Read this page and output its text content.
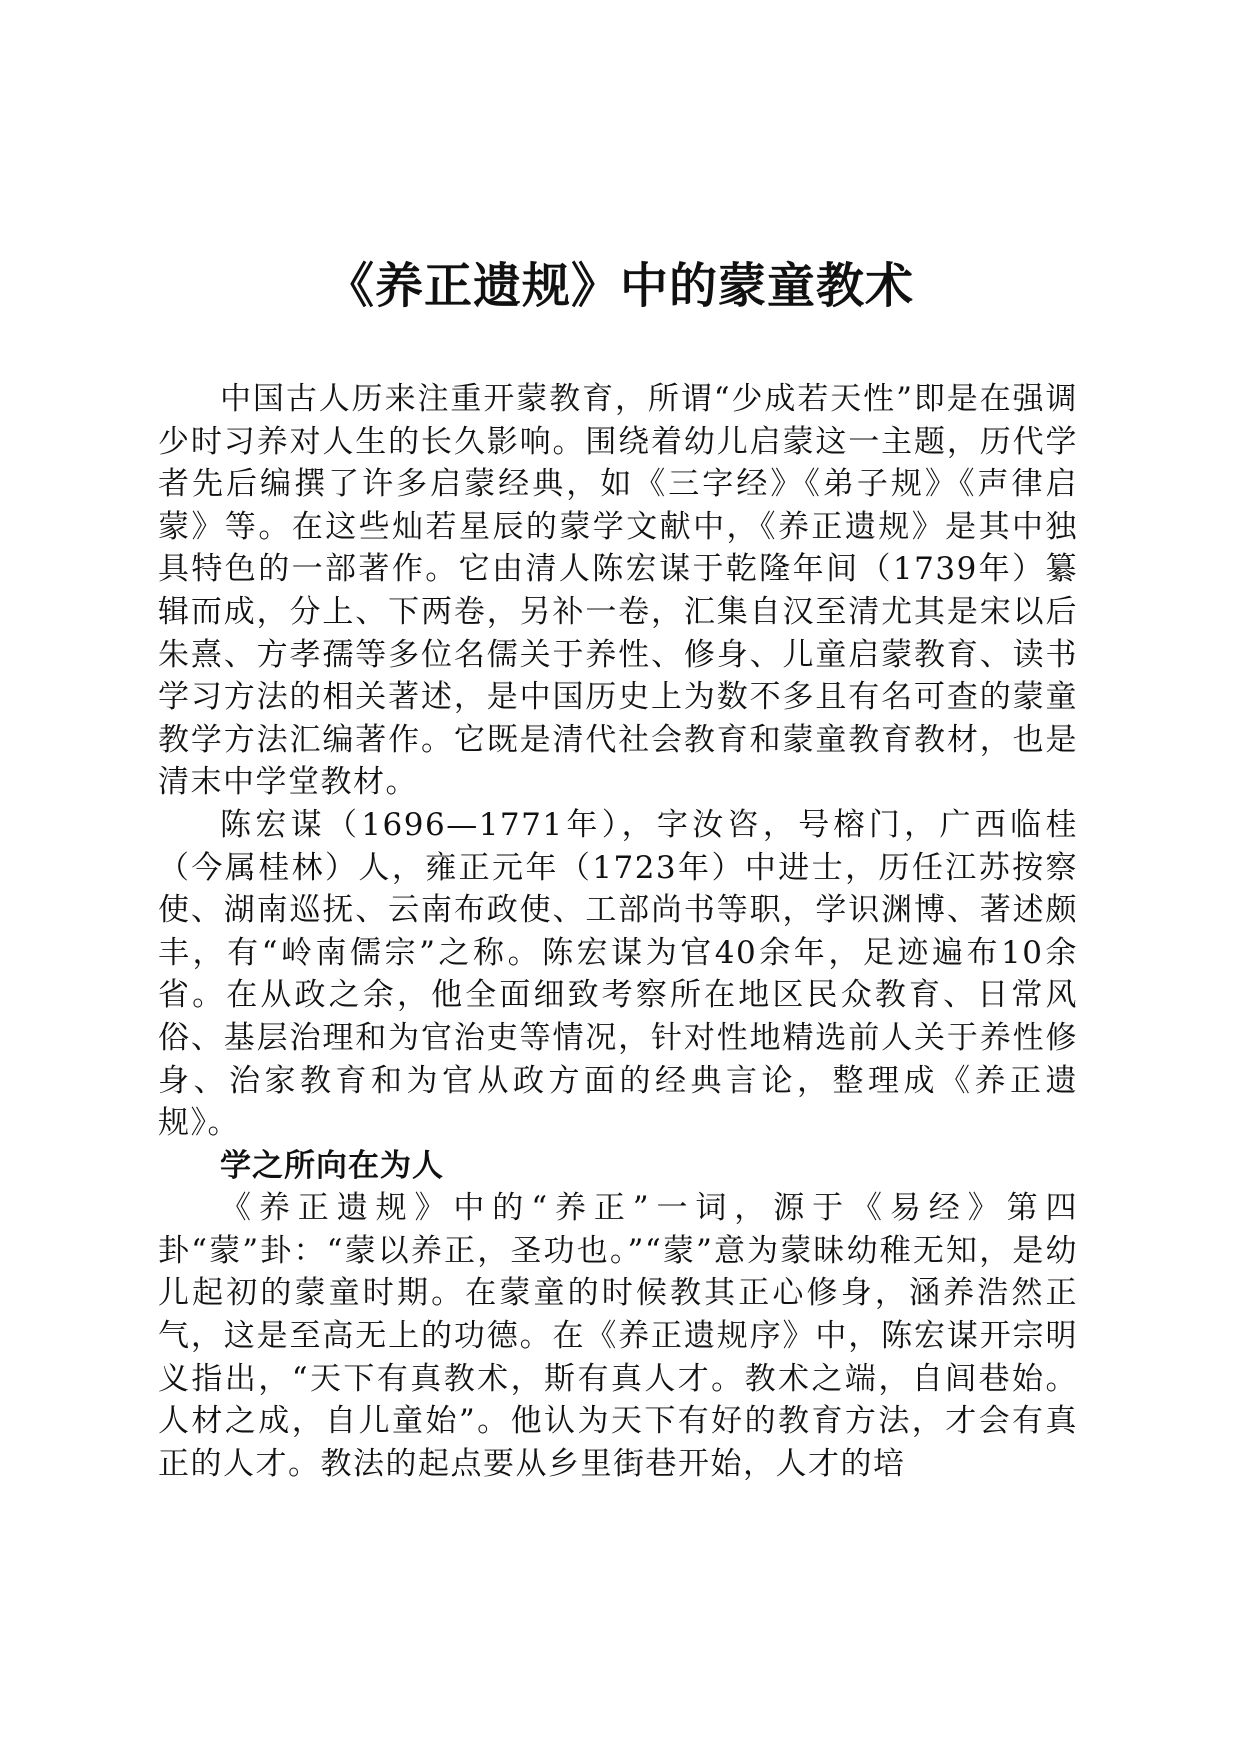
《养正遗规》中的蒙童教术

中国古人历来注重开蒙教育，所谓“少成若天性”即是在强调少时习养对人生的长久影响。围绕着幼儿启蒙这一主题，历代学者先后编撰了许多启蒙经典，如《三字经》《弟子规》《声律启蒙》等。在这些灿若星辰的蒙学文献中，《养正遗规》是其中独具特色的一部著作。它由清人陈宏谋于乾隆年间（1739年）纂辑而成，分上、下两卷，另补一卷，汇集自汉至清尤其是宋以后朱熹、方孝孺等多位名儒关于养性、修身、儿童启蒙教育、读书学习方法的相关著述，是中国历史上为数不多且有名可查的蒙童教学方法汇编著作。它既是清代社会教育和蒙童教育教材，也是清末中学堂教材。

陈宏谋（1696—1771年），字汝咨，号榕门，广西临桂（今属桂林）人，雍正元年（1723年）中进士，历任江苏按察使、湖南巡抚、云南布政使、工部尚书等职，学识渊博、著述颇丰，有“岭南儒宗”之称。陈宏谋为官40余年，足迹遍布10余省。在从政之余，他全面细致考察所在地区民众教育、日常风俗、基层治理和为官治吏等情况，针对性地精选前人关于养性修身、治家教育和为官从政方面的经典言论，整理成《养正遗规》。

学之所向在为人

《养正遗规》中的“养正”一词，源于《易经》第四卦“蒙”卦：“蒙以养正，圣功也。”“蒙”意为蒙昧幼稚无知，是幼儿起初的蒙童时期。在蒙童的时候教其正心修身，涵养浩然正气，这是至高无上的功德。在《养正遗规序》中，陈宏谋开宗明义指出，“天下有真教术，斯有真人才。教术之端，自闾巷始。人材之成，自儿童始”。他认为天下有好的教育方法，才会有真正的人才。教法的起点要从乡里街巷开始，人才的培
